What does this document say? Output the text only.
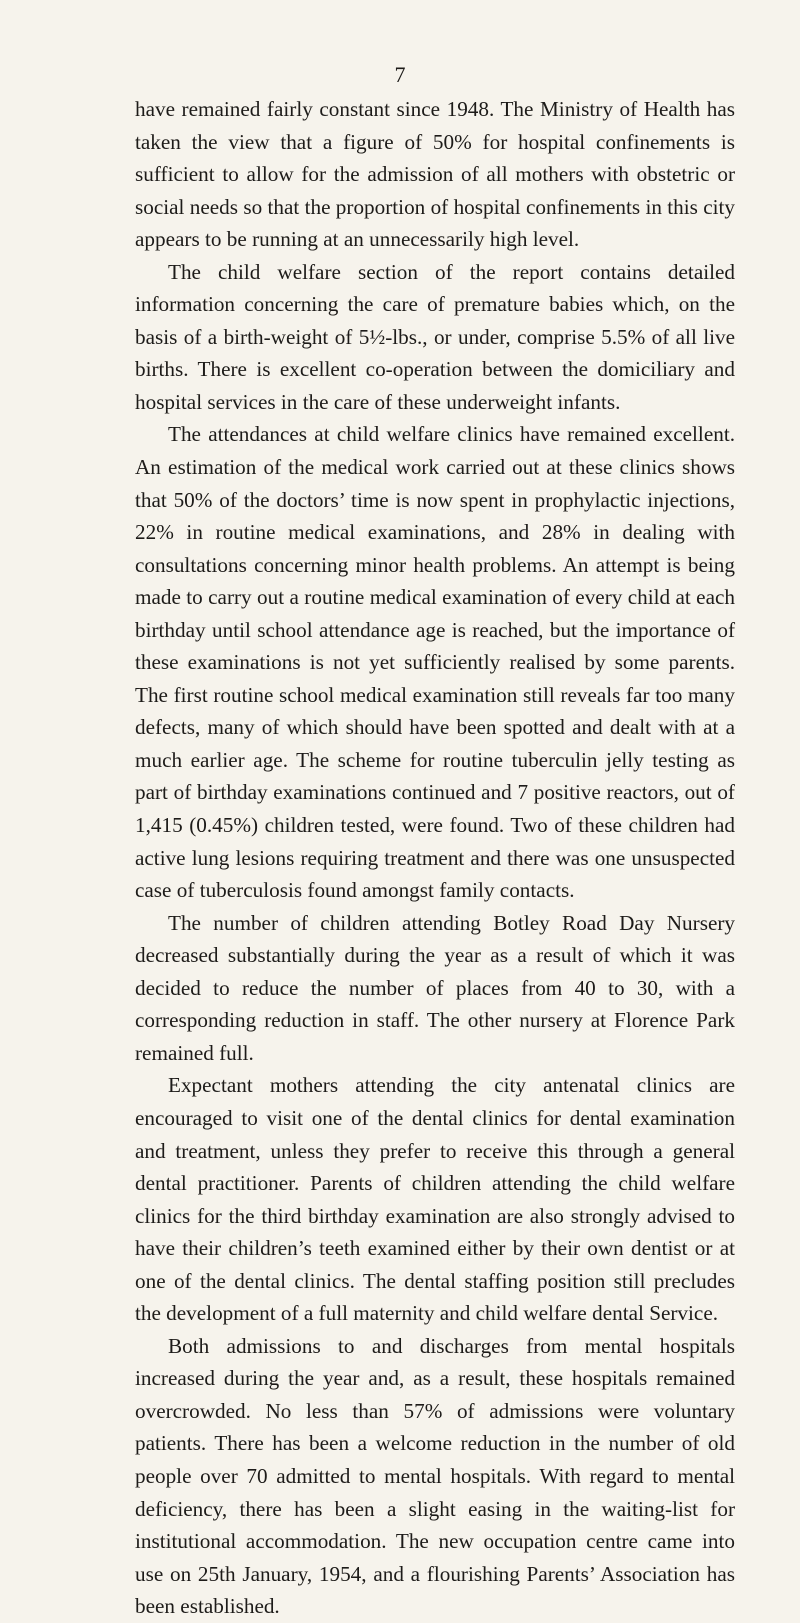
7

have remained fairly constant since 1948. The Ministry of Health has taken the view that a figure of 50% for hospital confinements is sufficient to allow for the admission of all mothers with obstetric or social needs so that the proportion of hospital confinements in this city appears to be running at an unnecessarily high level.

The child welfare section of the report contains detailed information concerning the care of premature babies which, on the basis of a birth-weight of 5½-lbs., or under, comprise 5.5% of all live births. There is excellent co-operation between the domiciliary and hospital services in the care of these underweight infants.

The attendances at child welfare clinics have remained excellent. An estimation of the medical work carried out at these clinics shows that 50% of the doctors’ time is now spent in prophylactic injections, 22% in routine medical examinations, and 28% in dealing with consultations concerning minor health problems. An attempt is being made to carry out a routine medical examination of every child at each birthday until school attendance age is reached, but the importance of these examinations is not yet sufficiently realised by some parents. The first routine school medical examination still reveals far too many defects, many of which should have been spotted and dealt with at a much earlier age. The scheme for routine tuberculin jelly testing as part of birthday examinations continued and 7 positive reactors, out of 1,415 (0.45%) children tested, were found. Two of these children had active lung lesions requiring treatment and there was one unsuspected case of tuberculosis found amongst family contacts.

The number of children attending Botley Road Day Nursery decreased substantially during the year as a result of which it was decided to reduce the number of places from 40 to 30, with a corresponding reduction in staff. The other nursery at Florence Park remained full.

Expectant mothers attending the city antenatal clinics are encouraged to visit one of the dental clinics for dental examination and treatment, unless they prefer to receive this through a general dental practitioner. Parents of children attending the child welfare clinics for the third birthday examination are also strongly advised to have their children’s teeth examined either by their own dentist or at one of the dental clinics. The dental staffing position still precludes the development of a full maternity and child welfare dental Service.

Both admissions to and discharges from mental hospitals increased during the year and, as a result, these hospitals remained overcrowded. No less than 57% of admissions were voluntary patients. There has been a welcome reduction in the number of old people over 70 admitted to mental hospitals. With regard to mental deficiency, there has been a slight easing in the waiting-list for institutional accommodation. The new occupation centre came into use on 25th January, 1954, and a flourishing Parents’ Association has been established.
